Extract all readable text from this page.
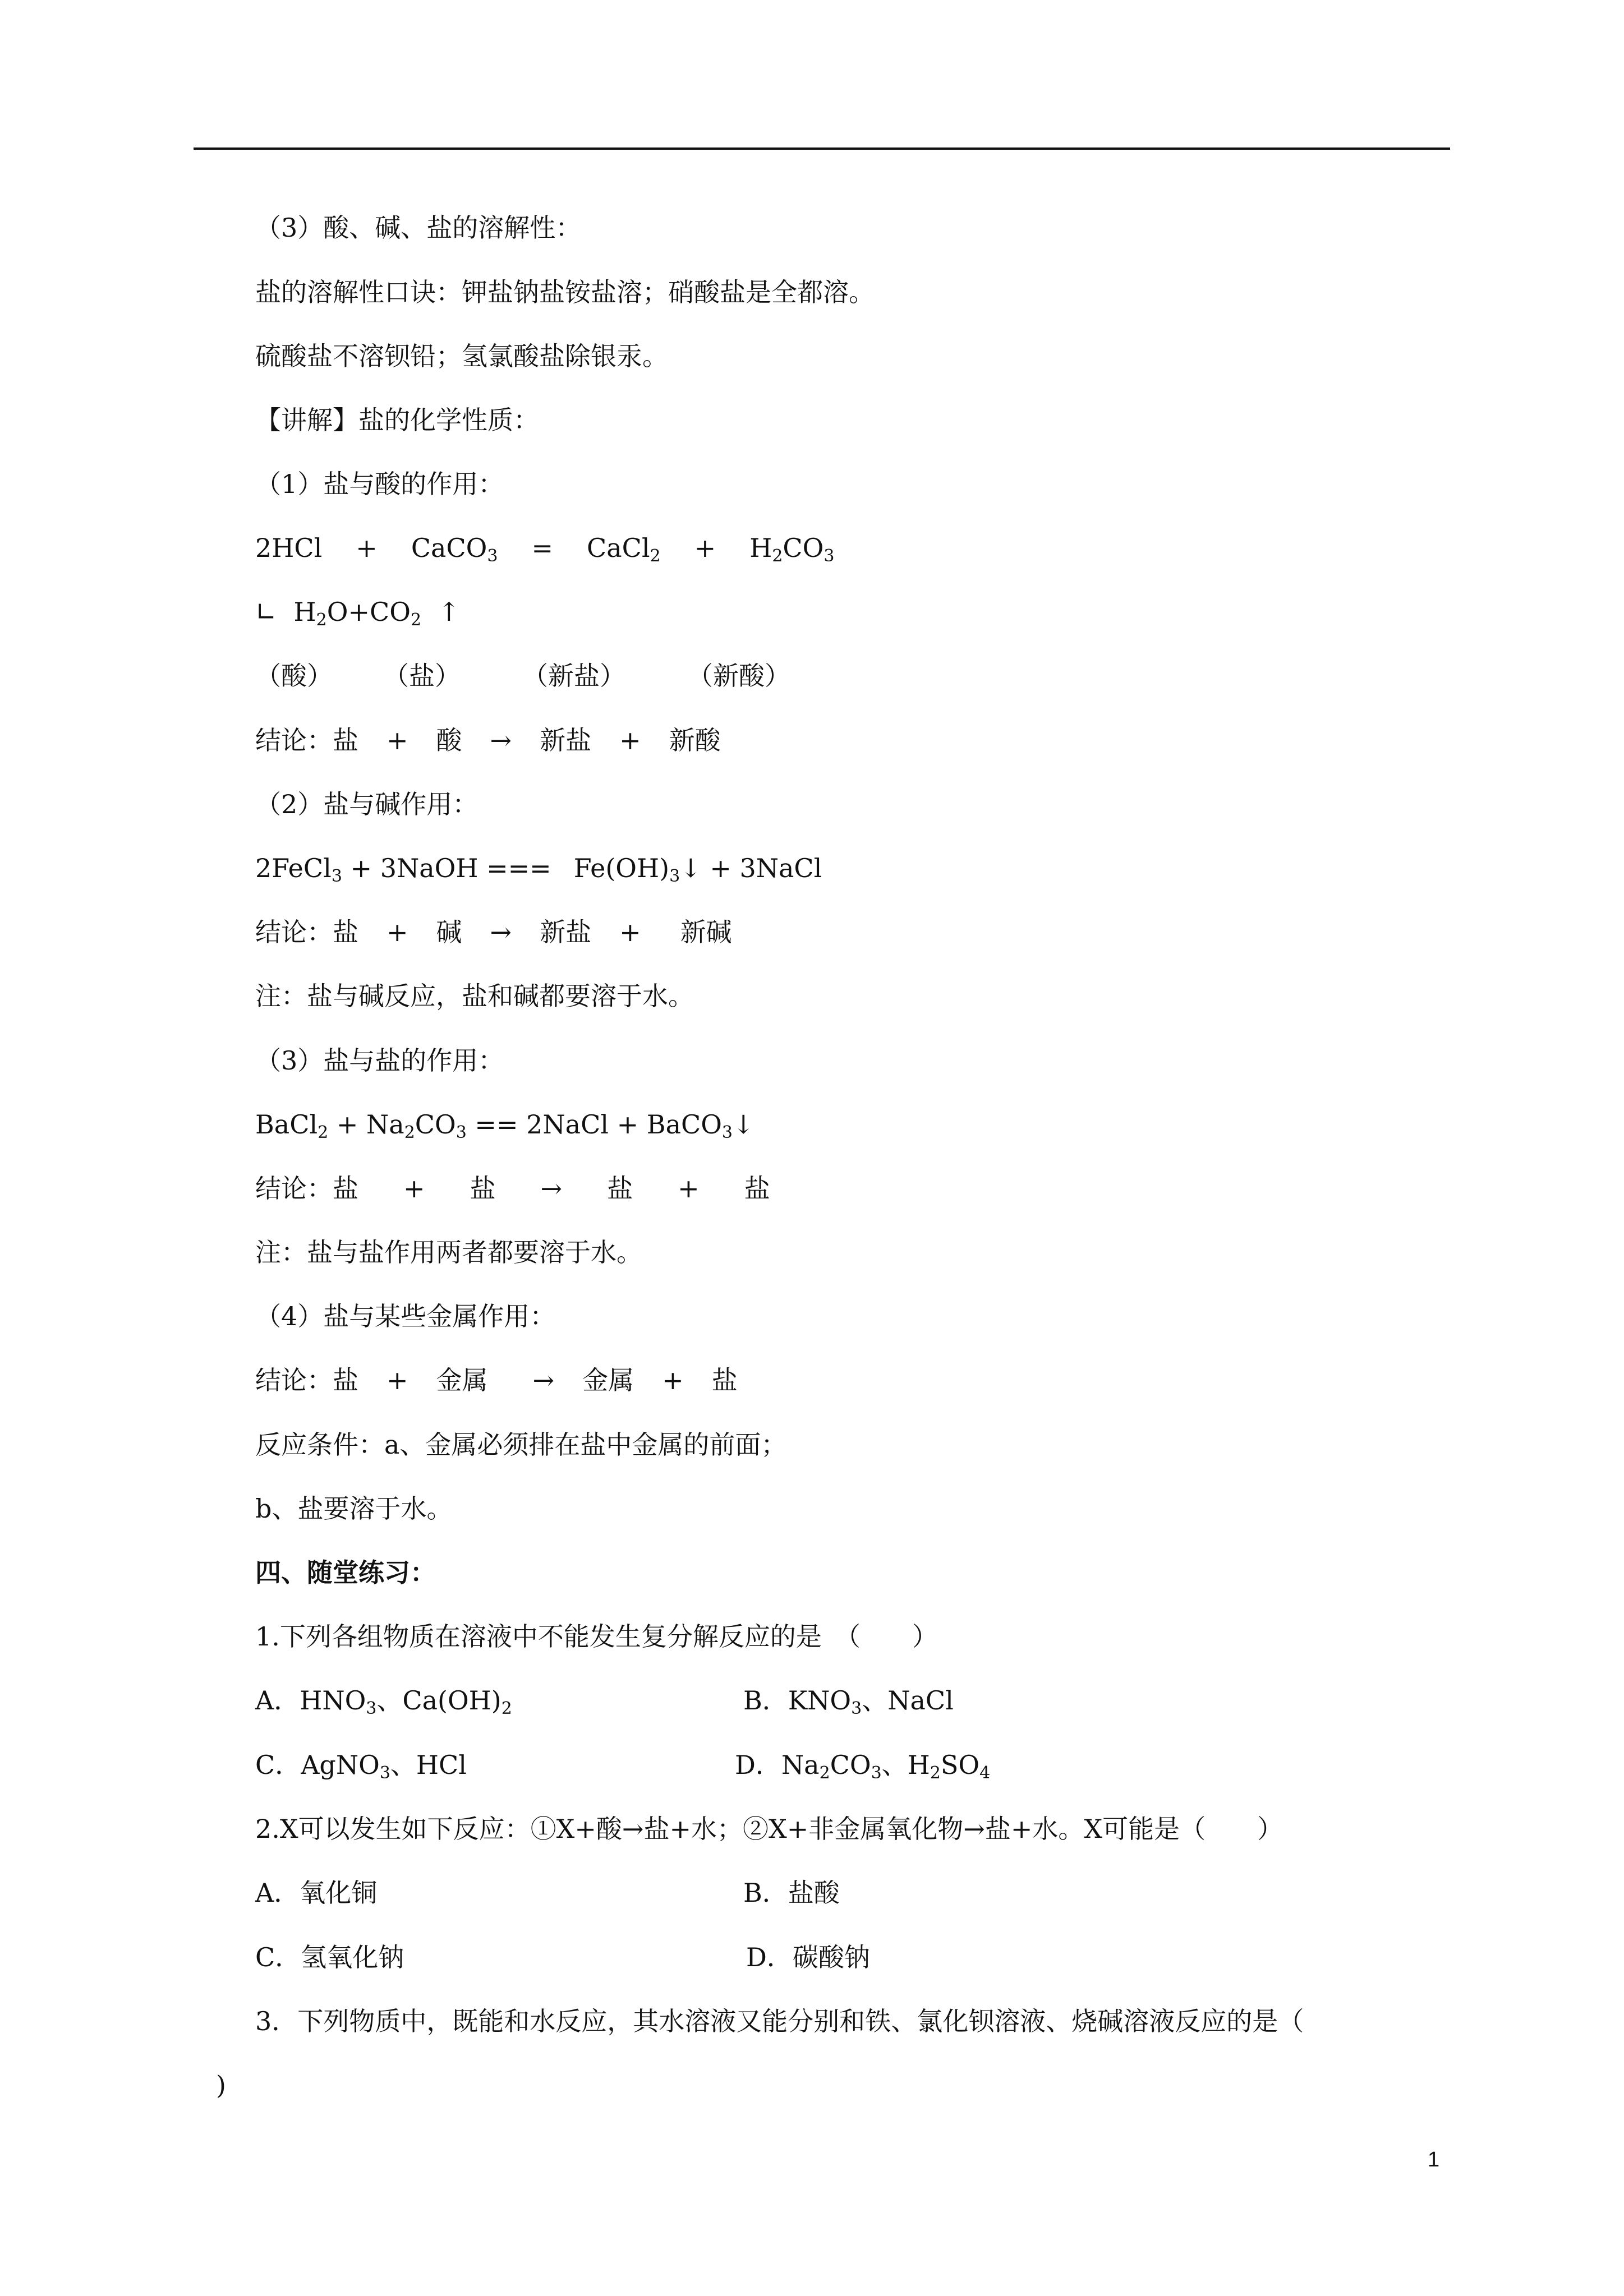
（3）酸、碱、盐的溶解性：
盐的溶解性口诀：钾盐钠盐铵盐溶；硝酸盐是全都溶。
硫酸盐不溶钡铅；氢氯酸盐除银汞。
【讲解】盐的化学性质：
（1）盐与酸的作用：
2HCl + CaCO$_3$ = CaCl$_2$ + $H_2CO_3$
∟ $H_2O+CO_2$ ↑
（酸） （盐） （新盐） （新酸）
结论：盐 + 酸 → 新盐 + 新酸
（2）盐与碱作用：
2FeCl$_3$ + 3NaOH === $Fe(OH)_3↓$ + 3NaCl
结论：盐 + 碱 → 新盐 + 新碱
注：盐与碱反应，盐和碱都要溶于水。
（3）盐与盐的作用：
BaCl$_2$ + $Na_2CO_3$ == 2NaCl + BaCO$_3$↓
结论：盐 + 盐 → 盐 + 盐
注：盐与盐作用两者都要溶于水。
（4）盐与某些金属作用：
结论：盐 + 金属 → 金属 + 盐
反应条件：a、金属必须排在盐中金属的前面；
b、盐要溶于水。
四、随堂练习：
1.下列各组物质在溶液中不能发生复分解反应的是　（　　）
A．$HNO_3$、$Ca(OH)_2$	B．$KNO_3$、NaCl
C．AgNO$_3$、HCl	D．$Na_2CO_3$、$H_2SO_4$
2.X可以发生如下反应：①X+酸→盐+水；②X+非金属氧化物→盐+水。X可能是（　　）
A．氧化铜	B．盐酸
C．氢氧化钠	D．碳酸钠
3．下列物质中，既能和水反应，其水溶液又能分别和铁、氯化钡溶液、烧碱溶液反应的是（
)
1
